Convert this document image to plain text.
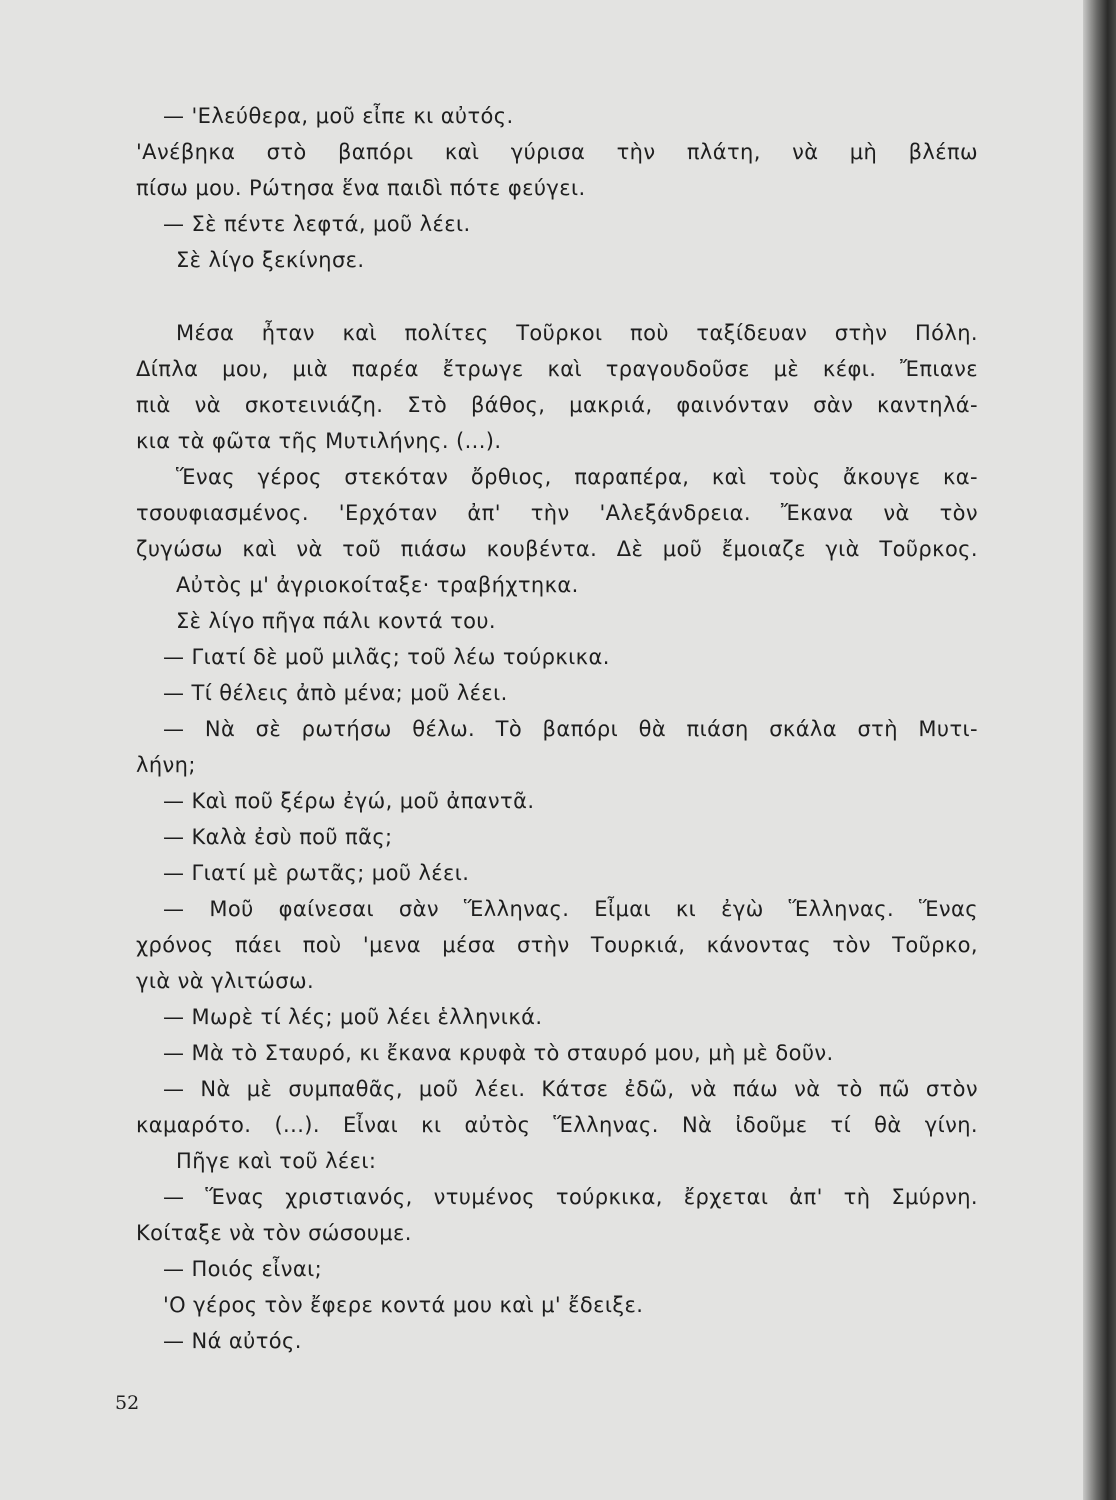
— 'Ελεύθερα, μοῦ εἶπε κι αὐτός.

'Ανέβηκα στὸ βαπόρι καὶ γύρισα τὴν πλάτη, νὰ μὴ βλέπω

πίσω μου. Ρώτησα ἕνα παιδὶ πότε φεύγει.

— Σὲ πέντε λεφτά, μοῦ λέει.

Σὲ λίγο ξεκίνησε.

Μέσα ἦταν καὶ πολίτες Τοῦρκοι ποὺ ταξίδευαν στὴν Πόλη.

Δίπλα μου, μιὰ παρέα ἔτρωγε καὶ τραγουδοῦσε μὲ κέφι. Ἔπιανε

πιὰ νὰ σκοτεινιάζη. Στὸ βάθος, μακριά, φαινόνταν σὰν καντηλά-

κια τὰ φῶτα τῆς Μυτιλήνης. (...).

Ἕνας γέρος στεκόταν ὄρθιος, παραπέρα, καὶ τοὺς ἄκουγε κα-

τσουφιασμένος. 'Ερχόταν ἀπ' τὴν 'Αλεξάνδρεια. Ἔκανα νὰ τὸν

ζυγώσω καὶ νὰ τοῦ πιάσω κουβέντα. Δὲ μοῦ ἔμοιαζε γιὰ Τοῦρκος.

Αὐτὸς μ' ἀγριοκοίταξε· τραβήχτηκα.

Σὲ λίγο πῆγα πάλι κοντά του.

— Γιατί δὲ μοῦ μιλᾶς; τοῦ λέω τούρκικα.

— Τί θέλεις ἀπὸ μένα; μοῦ λέει.

— Νὰ σὲ ρωτήσω θέλω. Τὸ βαπόρι θὰ πιάση σκάλα στὴ Μυτι-

λήνη;

— Καὶ ποῦ ξέρω ἐγώ, μοῦ ἀπαντᾶ.

— Καλὰ ἐσὺ ποῦ πᾶς;

— Γιατί μὲ ρωτᾶς; μοῦ λέει.

— Μοῦ φαίνεσαι σὰν Ἕλληνας. Εἶμαι κι ἐγὼ Ἕλληνας. Ἕνας

χρόνος πάει ποὺ 'μενα μέσα στὴν Τουρκιά, κάνοντας τὸν Τοῦρκο,

γιὰ νὰ γλιτώσω.

— Μωρὲ τί λές; μοῦ λέει ἑλληνικά.

— Μὰ τὸ Σταυρό, κι ἔκανα κρυφὰ τὸ σταυρό μου, μὴ μὲ δοῦν.

— Νὰ μὲ συμπαθᾶς, μοῦ λέει. Κάτσε ἐδῶ, νὰ πάω νὰ τὸ πῶ στὸν

καμαρότο. (...). Εἶναι κι αὐτὸς Ἕλληνας. Νὰ ἰδοῦμε τί θὰ γίνη.

Πῆγε καὶ τοῦ λέει:

— Ἕνας χριστιανός, ντυμένος τούρκικα, ἔρχεται ἀπ' τὴ Σμύρνη.

Κοίταξε νὰ τὸν σώσουμε.

— Ποιός εἶναι;

'Ο γέρος τὸν ἔφερε κοντά μου καὶ μ' ἔδειξε.

— Νά αὐτός.

52
